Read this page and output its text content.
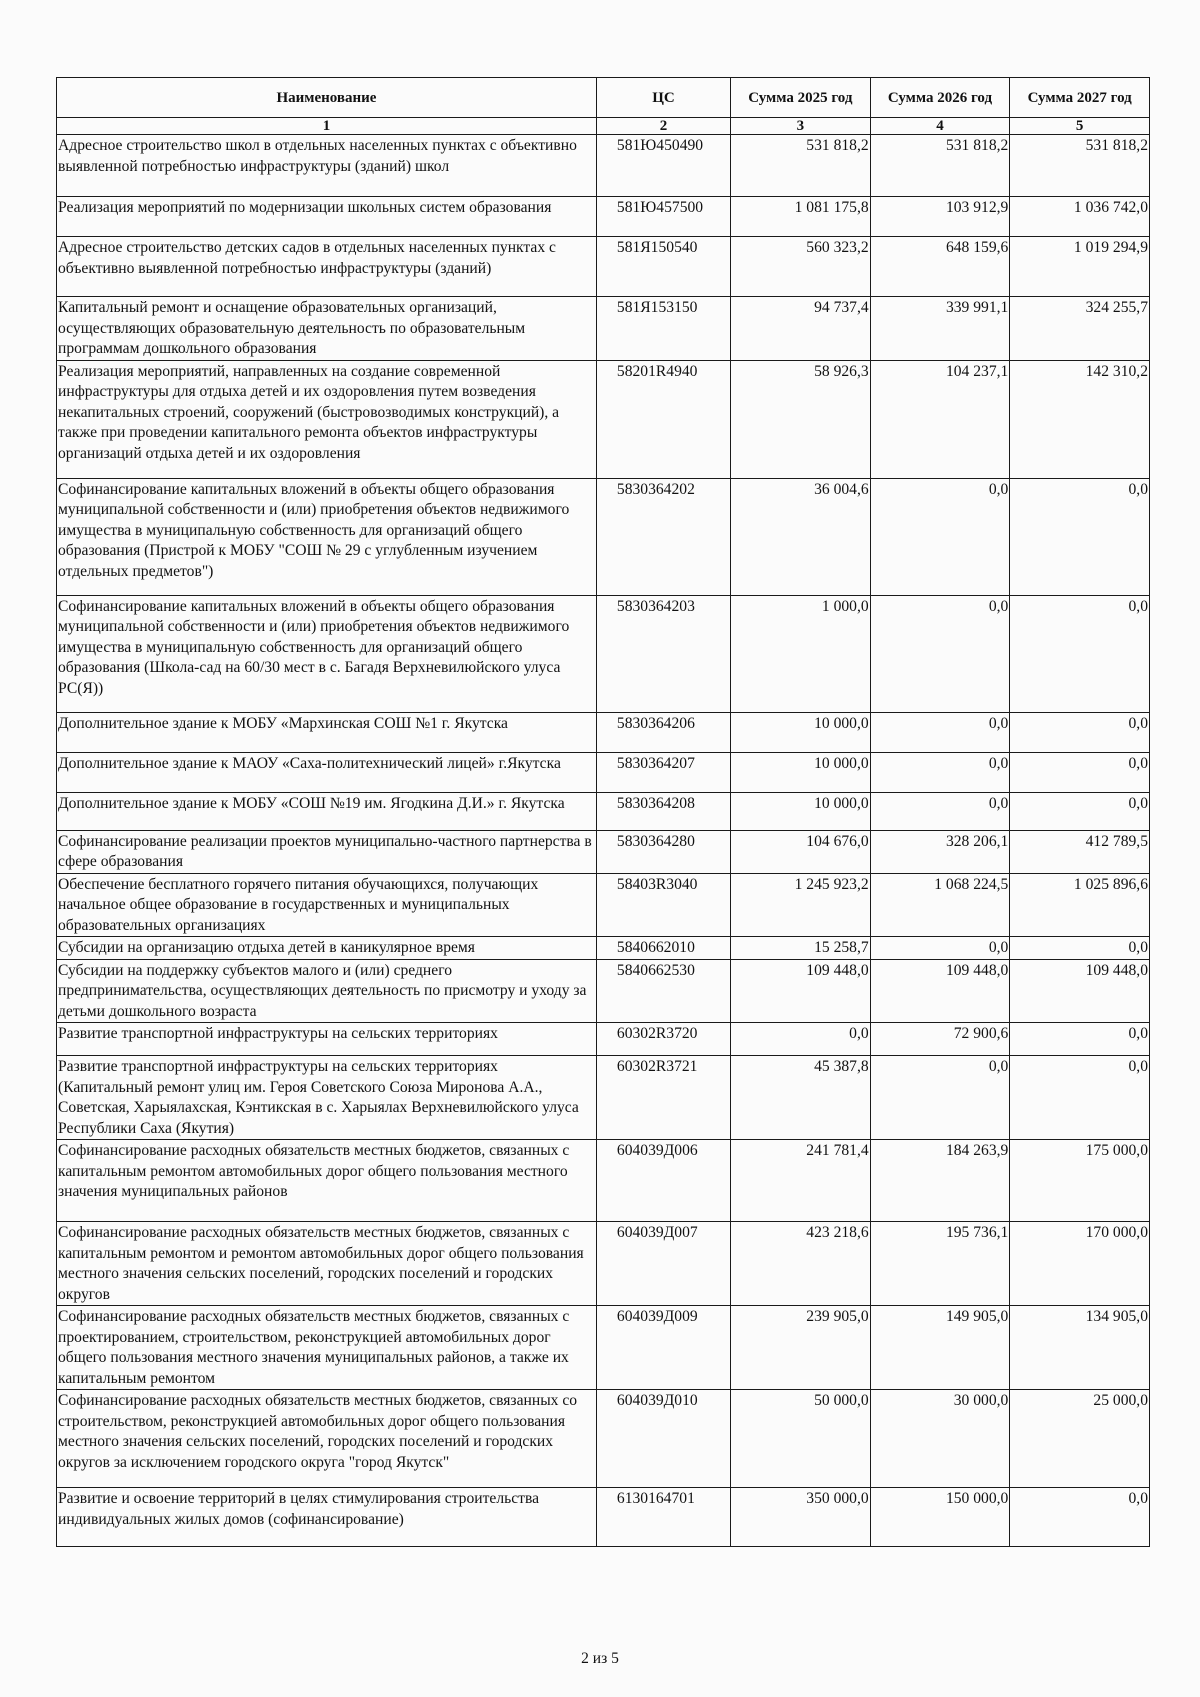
Наименование	ЦС	Сумма 2025 год	Сумма 2026 год	Сумма 2027 год
1	2	3	4	5
Адресное строительство школ в отдельных населенных пунктах с объективно выявленной потребностью инфраструктуры (зданий) школ	581Ю450490	531 818,2	531 818,2	531 818,2
Реализация мероприятий по модернизации школьных систем образования	581Ю457500	1 081 175,8	103 912,9	1 036 742,0
Адресное строительство детских садов в отдельных населенных пунктах с объективно выявленной потребностью инфраструктуры (зданий)	581Я150540	560 323,2	648 159,6	1 019 294,9
Капитальный ремонт и оснащение образовательных организаций, осуществляющих образовательную деятельность по образовательным программам дошкольного образования	581Я153150	94 737,4	339 991,1	324 255,7
Реализация мероприятий, направленных на создание современной инфраструктуры для отдыха детей и их оздоровления путем возведения некапитальных строений, сооружений (быстровозводимых конструкций), а также при проведении капитального ремонта объектов инфраструктуры организаций отдыха детей и их оздоровления	58201R4940	58 926,3	104 237,1	142 310,2
Софинансирование капитальных вложений в объекты общего образования муниципальной собственности и (или) приобретения объектов недвижимого имущества в муниципальную собственность для организаций общего образования (Пристрой к МОБУ "СОШ № 29 с углубленным изучением отдельных предметов")	5830364202	36 004,6	0,0	0,0
Софинансирование капитальных вложений в объекты общего образования муниципальной собственности и (или) приобретения объектов недвижимого имущества в муниципальную собственность для организаций общего образования (Школа-сад на 60/30 мест в с. Багадя Верхневилюйского улуса РС(Я))	5830364203	1 000,0	0,0	0,0
Дополнительное здание к МОБУ «Мархинская СОШ №1 г. Якутска	5830364206	10 000,0	0,0	0,0
Дополнительное здание к МАОУ «Саха-политехнический лицей» г.Якутска	5830364207	10 000,0	0,0	0,0
Дополнительное здание к МОБУ «СОШ №19 им. Ягодкина Д.И.» г. Якутска	5830364208	10 000,0	0,0	0,0
Софинансирование реализации проектов муниципально-частного партнерства в сфере образования	5830364280	104 676,0	328 206,1	412 789,5
Обеспечение бесплатного горячего питания обучающихся, получающих начальное общее образование в государственных и муниципальных образовательных организациях	58403R3040	1 245 923,2	1 068 224,5	1 025 896,6
Субсидии на организацию отдыха детей в каникулярное время	5840662010	15 258,7	0,0	0,0
Субсидии на поддержку субъектов малого и (или) среднего предпринимательства, осуществляющих деятельность по присмотру и уходу за детьми дошкольного возраста	5840662530	109 448,0	109 448,0	109 448,0
Развитие транспортной инфраструктуры на сельских территориях	60302R3720	0,0	72 900,6	0,0
Развитие транспортной инфраструктуры на сельских территориях (Капитальный ремонт улиц им. Героя Советского Союза Миронова А.А., Советская, Харыялахская, Кэнтикская в с. Харыялах Верхневилюйского улуса Республики Саха (Якутия)	60302R3721	45 387,8	0,0	0,0
Софинансирование расходных обязательств местных бюджетов, связанных с капитальным ремонтом автомобильных дорог общего пользования местного значения муниципальных районов	604039Д006	241 781,4	184 263,9	175 000,0
Софинансирование расходных обязательств местных бюджетов, связанных с капитальным ремонтом и ремонтом автомобильных дорог общего пользования местного значения сельских поселений, городских поселений и городских округов	604039Д007	423 218,6	195 736,1	170 000,0
Софинансирование расходных обязательств местных бюджетов, связанных с проектированием, строительством, реконструкцией автомобильных дорог общего пользования местного значения муниципальных районов, а также их капитальным ремонтом	604039Д009	239 905,0	149 905,0	134 905,0
Софинансирование расходных обязательств местных бюджетов, связанных со строительством, реконструкцией автомобильных дорог общего пользования местного значения сельских поселений, городских поселений и городских округов за исключением городского округа "город Якутск"	604039Д010	50 000,0	30 000,0	25 000,0
Развитие и освоение территорий в целях стимулирования строительства индивидуальных жилых домов (софинансирование)	6130164701	350 000,0	150 000,0	0,0
2 из 5
